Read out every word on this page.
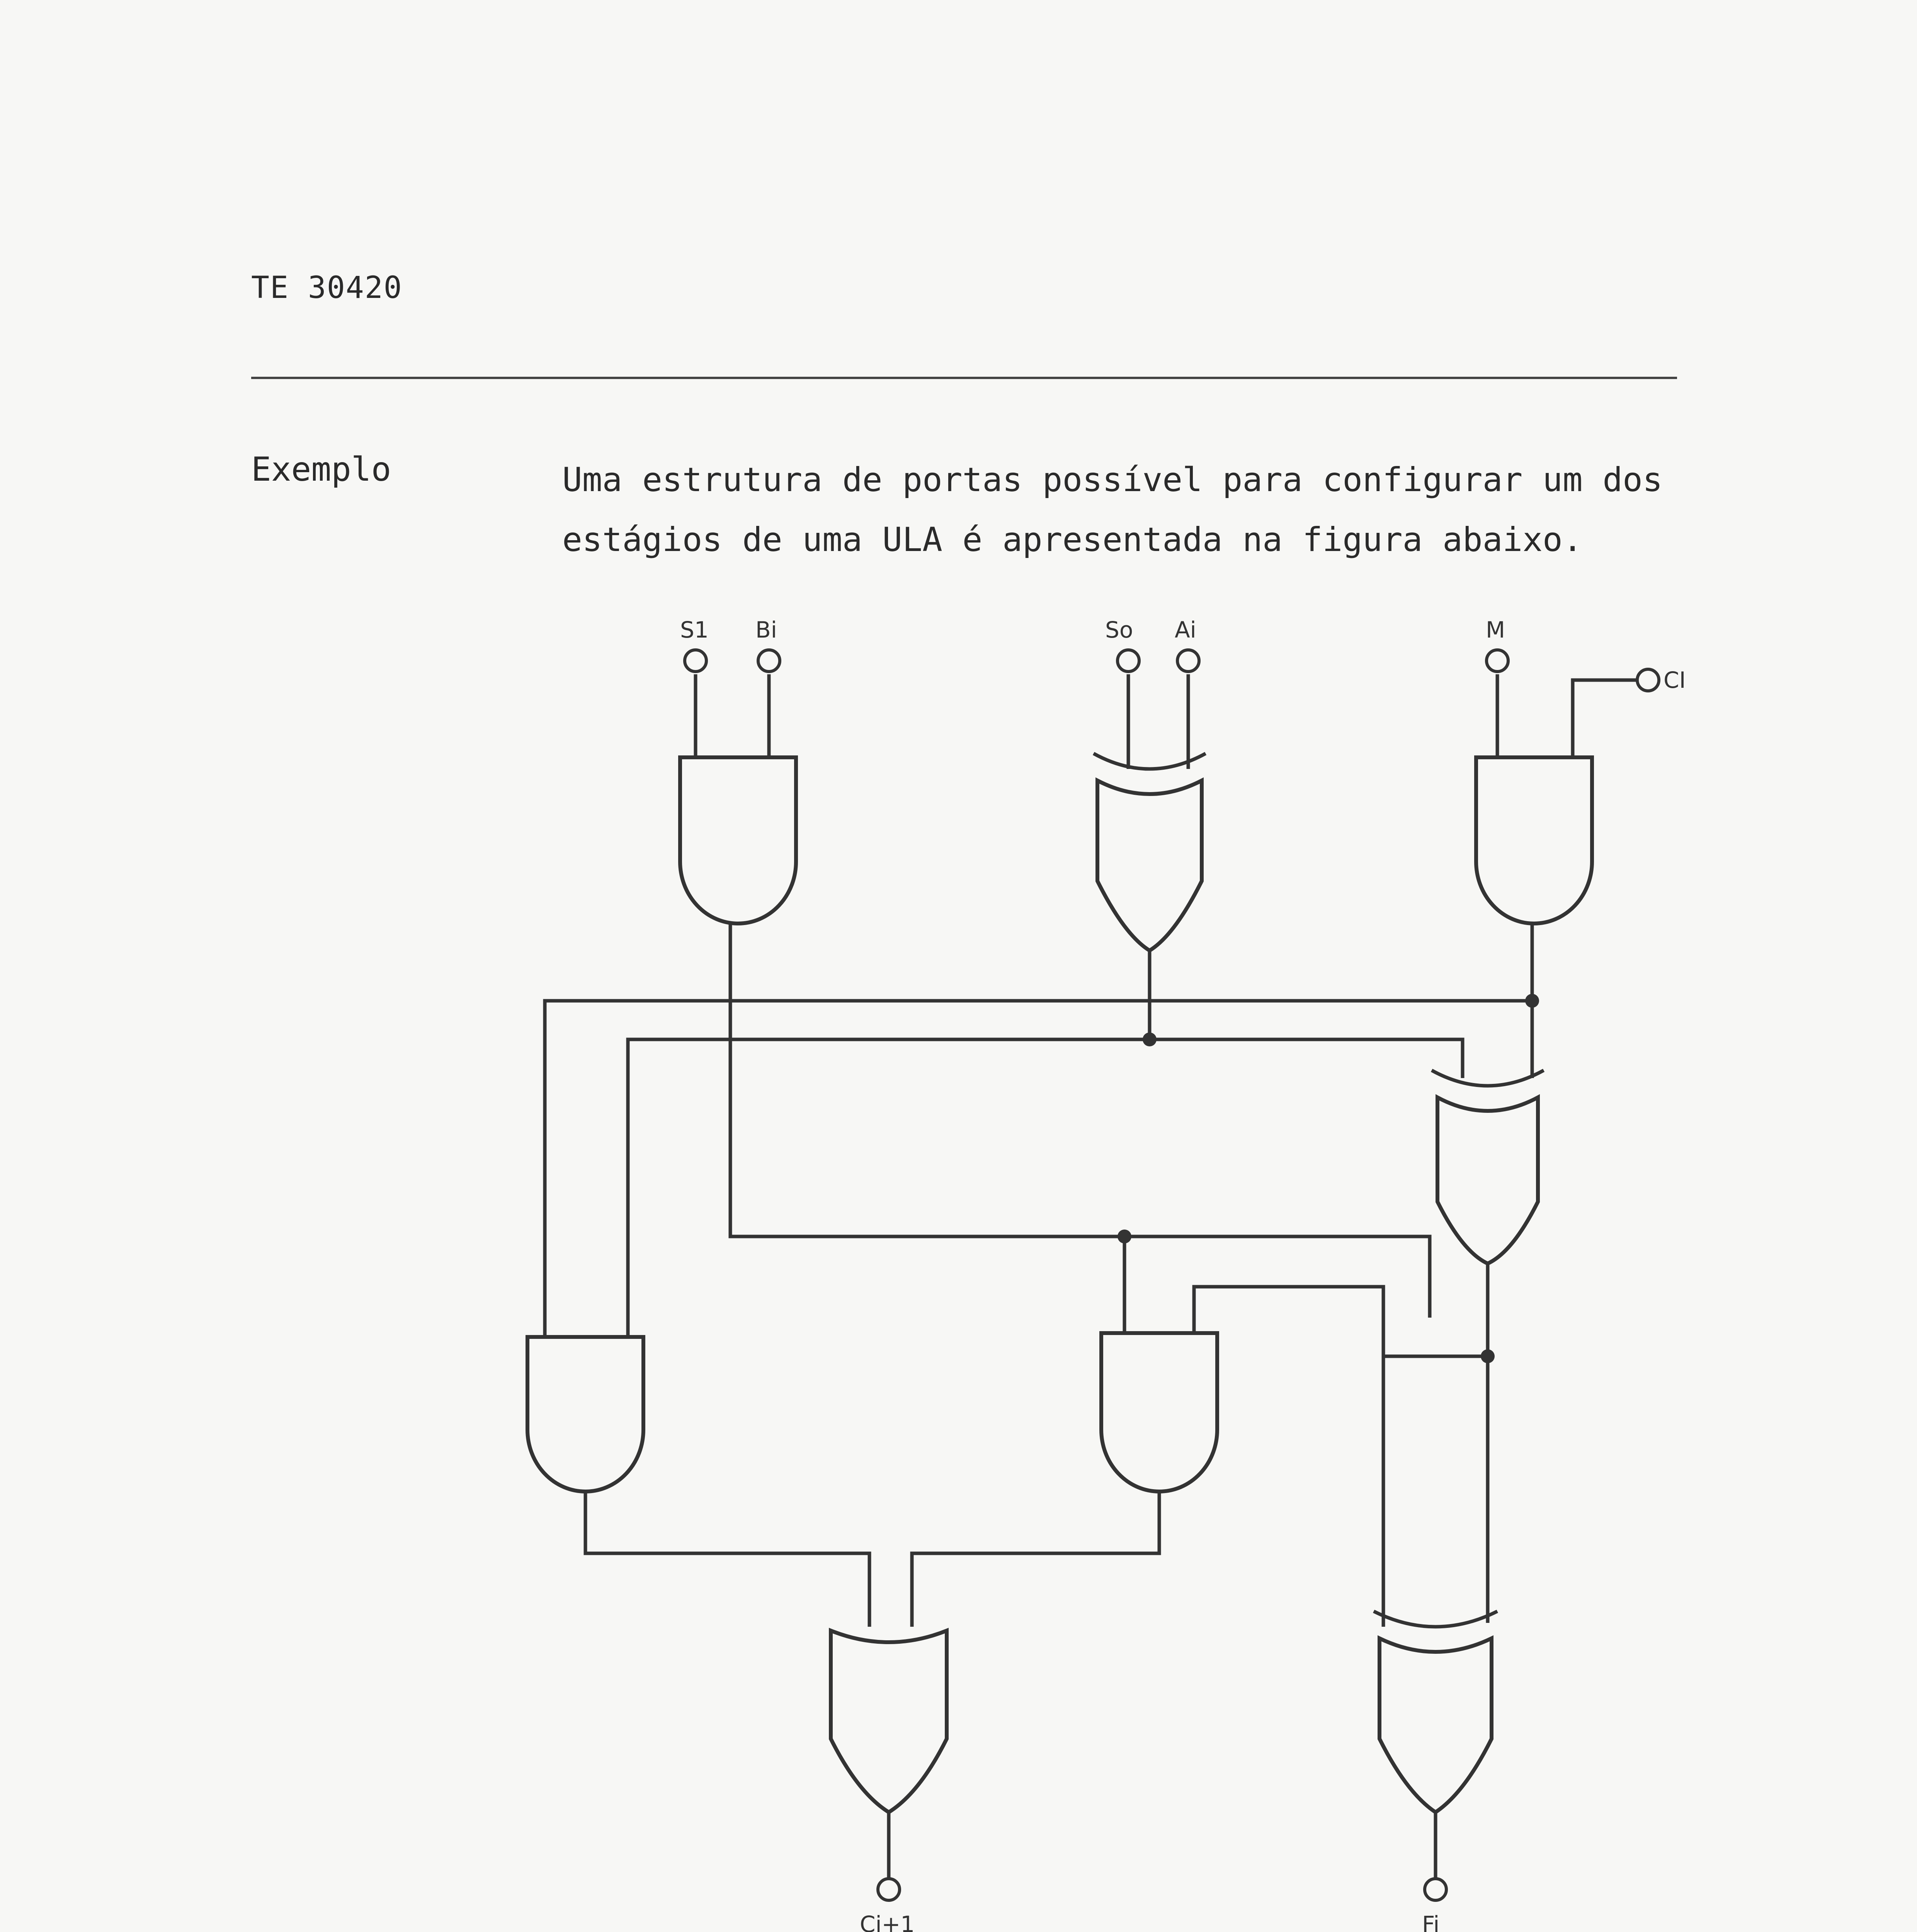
TE 30420
Exemplo	Uma estrutura de portas possível para configurar um dos estágios de uma ULA é apresentada na figura abaixo.
S1 Bi	So Ai	M
CI
Ci+1	Fi
